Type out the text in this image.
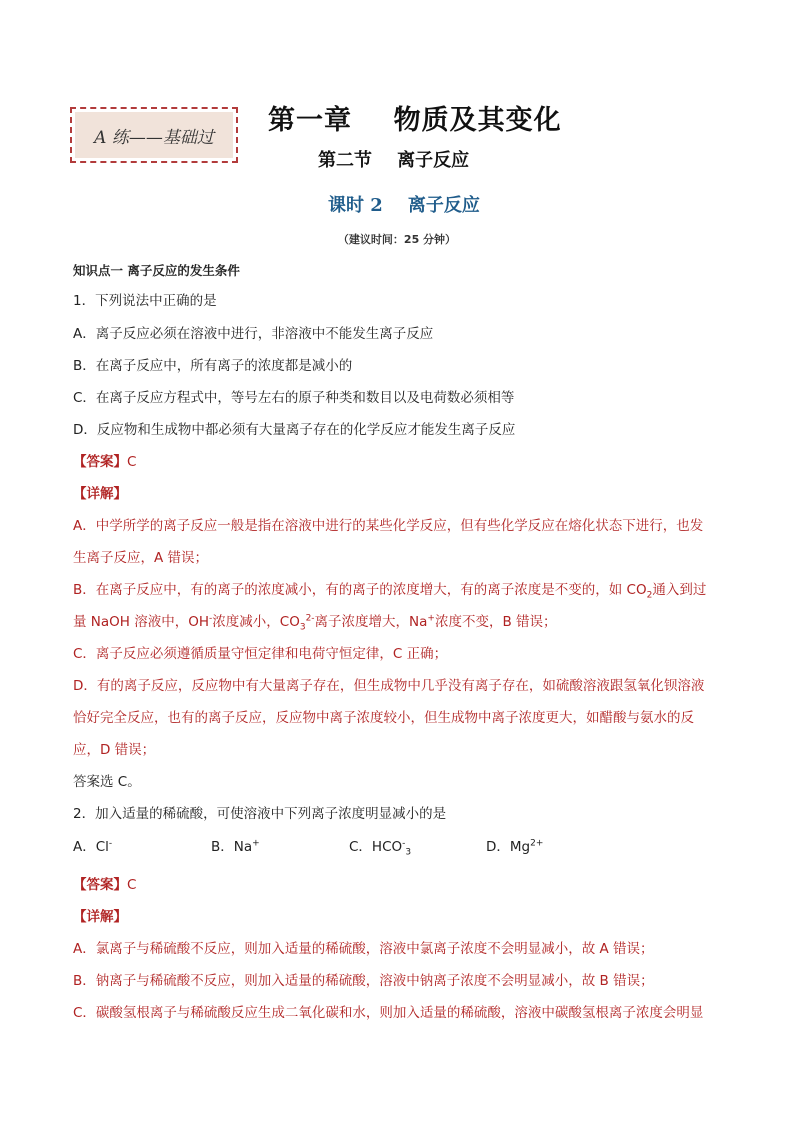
A 练——基础过
第一章    物质及其变化
第二节    离子反应
课时 2    离子反应
（建议时间：25 分钟）
知识点一 离子反应的发生条件
1．下列说法中正确的是
A．离子反应必须在溶液中进行，非溶液中不能发生离子反应
B．在离子反应中，所有离子的浓度都是减小的
C．在离子反应方程式中，等号左右的原子种类和数目以及电荷数必须相等
D．反应物和生成物中都必须有大量离子存在的化学反应才能发生离子反应
【答案】C
【详解】
A．中学所学的离子反应一般是指在溶液中进行的某些化学反应，但有些化学反应在熔化状态下进行，也发
生离子反应，A 错误；
B．在离子反应中，有的离子的浓度减小，有的离子的浓度增大，有的离子浓度是不变的，如 $CO_2$通入到过
量 NaOH 溶液中，OH-浓度减小，$CO_3^{2-}$离子浓度增大，Na+浓度不变，B 错误；
C．离子反应必须遵循质量守恒定律和电荷守恒定律，C 正确；
D．有的离子反应，反应物中有大量离子存在，但生成物中几乎没有离子存在，如硫酸溶液跟氢氧化钡溶液
恰好完全反应，也有的离子反应，反应物中离子浓度较小，但生成物中离子浓度更大，如醋酸与氨水的反
应，D 错误；
答案选 C。
2．加入适量的稀硫酸，可使溶液中下列离子浓度明显减小的是
A．Cl-	B．Na+	C．$HCO^-_3$	D．$Mg^{2+}$
【答案】C
【详解】
A．氯离子与稀硫酸不反应，则加入适量的稀硫酸，溶液中氯离子浓度不会明显减小，故 A 错误；
B．钠离子与稀硫酸不反应，则加入适量的稀硫酸，溶液中钠离子浓度不会明显减小，故 B 错误；
C．碳酸氢根离子与稀硫酸反应生成二氧化碳和水，则加入适量的稀硫酸，溶液中碳酸氢根离子浓度会明显
